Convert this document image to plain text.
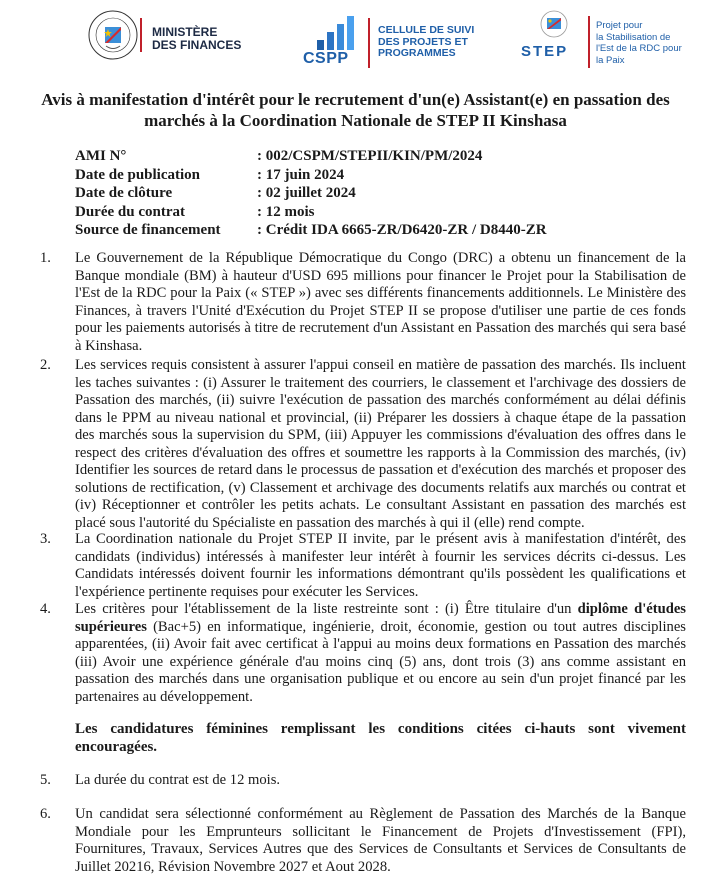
MINISTÈRE
DES FINANCES
CSPP
CELLULE DE SUIVI
DES PROJETS ET
PROGRAMMES	STEP
Projet pour
la Stabilisation de
l'Est de la RDC pour
la Paix
Avis à manifestation d'intérêt pour le recrutement d'un(e) Assistant(e) en passation des marchés à la Coordination Nationale de STEP II Kinshasa
AMI N°	: 002/CSPM/STEPII/KIN/PM/2024
Date de publication	: 17 juin 2024
Date de clôture	: 02 juillet 2024
Durée du contrat	: 12 mois
Source de financement	: Crédit IDA 6665-ZR/D6420-ZR / D8440-ZR
1. Le Gouvernement de la République Démocratique du Congo (DRC) a obtenu un financement de la Banque mondiale (BM) à hauteur d'USD 695 millions pour financer le Projet pour la Stabilisation de l'Est de la RDC pour la Paix (« STEP ») avec ses différents financements additionnels. Le Ministère des Finances, à travers l'Unité d'Exécution du Projet STEP II se propose d'utiliser une partie de ces fonds pour les paiements autorisés à titre de recrutement d'un Assistant en Passation des marchés qui sera basé à Kinshasa.
2. Les services requis consistent à assurer l'appui conseil en matière de passation des marchés. Ils incluent les taches suivantes : (i) Assurer le traitement des courriers, le classement et l'archivage des dossiers de Passation des marchés, (ii) suivre l'exécution de passation des marchés conformément au délai définis dans le PPM au niveau national et provincial, (ii) Préparer les dossiers à chaque étape de la passation des marchés sous la supervision du SPM, (iii) Appuyer les commissions d'évaluation des offres dans le respect des critères d'évaluation des offres et soumettre les rapports à la Commission des marchés, (iv) Identifier les sources de retard dans le processus de passation et d'exécution des marchés et proposer des solutions de rectification, (v) Classement et archivage des documents relatifs aux marchés ou contrat et (iv) Réceptionner et contrôler les petits achats. Le consultant Assistant en passation des marchés est placé sous l'autorité du Spécialiste en passation des marchés à qui il (elle) rend compte.
3. La Coordination nationale du Projet STEP II invite, par le présent avis à manifestation d'intérêt, des candidats (individus) intéressés à manifester leur intérêt à fournir les services décrits ci-dessus. Les Candidats intéressés doivent fournir les informations démontrant qu'ils possèdent les qualifications et l'expérience pertinente requises pour exécuter les Services.
4. Les critères pour l'établissement de la liste restreinte sont : (i) Être titulaire d'un diplôme d'études supérieures (Bac+5) en informatique, ingénierie, droit, économie, gestion ou tout autres disciplines apparentées, (ii) Avoir fait avec certificat à l'appui au moins deux formations en Passation des marchés (iii) Avoir une expérience générale d'au moins cinq (5) ans, dont trois (3) ans comme assistant en passation des marchés dans une organisation publique et ou encore au sein d'un projet financé par les partenaires au développement.
Les candidatures féminines remplissant les conditions citées ci-hauts sont vivement encouragées.
5. La durée du contrat est de 12 mois.
6. Un candidat sera sélectionné conformément au Règlement de Passation des Marchés de la Banque Mondiale pour les Emprunteurs sollicitant le Financement de Projets d'Investissement (FPI), Fournitures, Travaux, Services Autres que des Services de Consultants et Services de Consultants de Juillet 20216, Révision Novembre 2027 et Aout 2028.
